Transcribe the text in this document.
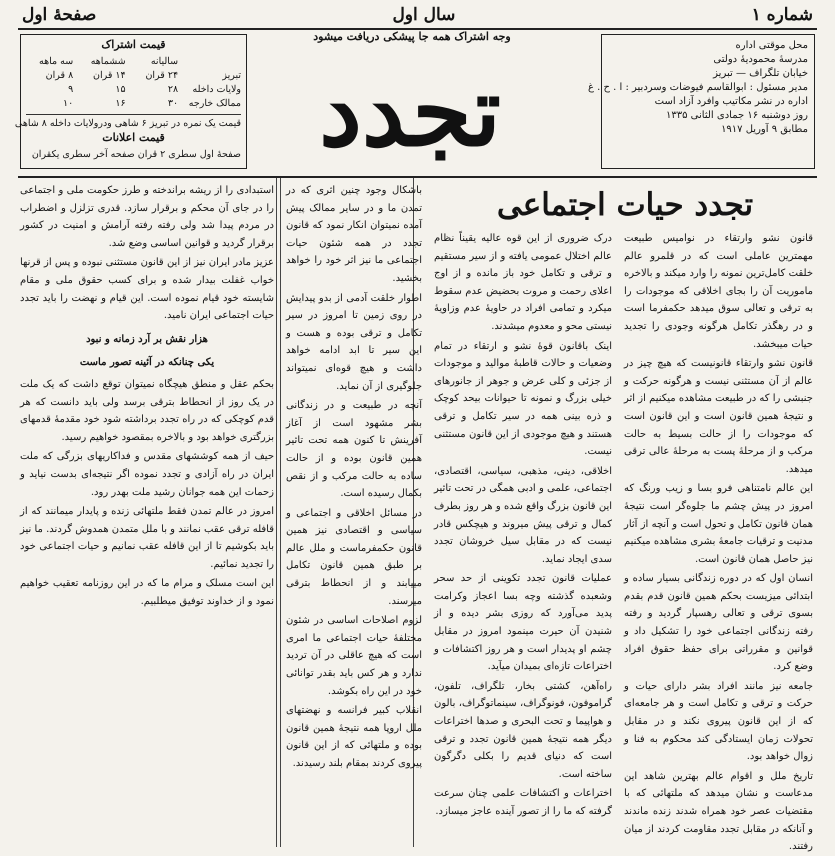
شماره ۱
سال اول
صفحهٔ اول

محل موقتی اداره

مدرسهٔ محمودیهٔ دولتی

خیابان تلگراف — تبریز

مدیر مسئول : ابوالقاسم فیوضات وسردبیر : ا . ح . غ

اداره در نشر مکاتیب وافرد آزاد است

روز دوشنبه ۱۶ جمادی الثانی ۱۳۳۵

مطابق ۹ آوریل ۱۹۱۷

وجه اشتراک همه جا پیشکی دریافت میشود
تجدد

قیمت اشتراک

سالیانه
ششماهه
سه ماهه
تبریز
۲۴ قران
۱۴ قران
۸ قران
ولایات داخله
۲۸
۱۵
۹
ممالک خارجه
۳۰
۱۶
۱۰

قیمت یک نمره در تبریز ۶ شاهی ودرولایات داخله ۸ شاهی

قیمت اعلانات

صفحهٔ اول سطری ۲ قران صفحه آخر سطری یکقران

تجدد حیات اجتماعی

قانون نشو وارتقاء در نوامیس طبیعت مهمترین عاملی است که در قلمرو عالم خلقت کامل‌ترین نمونه را وارد میکند و بالاخره ماموریت آن را بجای اخلاقی که موجودات را به ترقی و تعالی سوق میدهد حکمفرما است و در رهگذر تکامل هرگونه وجودی را تجدید حیات میبخشد.

قانون نشو وارتقاء قانونیست که هیچ چیز در عالم از آن مستثنی نیست و هرگونه حرکت و جنبشی را که در طبیعت مشاهده میکنیم از اثر و نتیجهٔ همین قانون است و این قانون است که موجودات را از حالت بسیط به حالت مرکب و از مرحلهٔ پست به مرحلهٔ عالی ترقی میدهد.

این عالم نامتناهی فرو بسا و زیب ورنگ که امروز در پیش چشم ما جلوه‌گر است نتیجهٔ همان قانون تکامل و تحول است و آنچه از آثار مدنیت و ترقیات جامعهٔ بشری مشاهده میکنیم نیز حاصل همان قانون است.

انسان اول که در دوره زندگانی بسیار ساده و ابتدائی میزیست بحکم همین قانون قدم بقدم بسوی ترقی و تعالی رهسپار گردید و رفته رفته زندگانی اجتماعی خود را تشکیل داد و قوانین و مقرراتی برای حفظ حقوق افراد وضع کرد.

جامعه نیز مانند افراد بشر دارای حیات و حرکت و ترقی و تکامل است و هر جامعه‌ای که از این قانون پیروی نکند و در مقابل تحولات زمان ایستادگی کند محکوم به فنا و زوال خواهد بود.

تاریخ ملل و اقوام عالم بهترین شاهد این مدعاست و نشان میدهد که ملتهائی که با مقتضیات عصر خود همراه شدند زنده ماندند و آنانکه در مقابل تجدد مقاومت کردند از میان رفتند.

درک ضروری از این قوه عالیه یقیناً نظام عالم اختلال عمومی یافته و از سیر مستقیم و ترقی و تکامل خود باز مانده و از اوج اعلای رحمت و مروت بحضیض عدم سقوط میکرد و تمامی افراد در حاویهٔ عدم وزاویهٔ نیستی محو و معدوم میشدند.

اینک باقانون قوهٔ نشو و ارتقاء در تمام وضعیات و حالات قاطبهٔ موالید و موجودات از جزئی و کلی عرض و جوهر از جانورهای خیلی بزرگ و نمونه تا حیوانات بیحد کوچک و ذره بینی همه در سیر تکامل و ترقی هستند و هیچ موجودی از این قانون مستثنی نیست.

اخلاقی، دینی، مذهبی، سیاسی، اقتصادی، اجتماعی، علمی و ادبی همگی در تحت تاثیر این قانون بزرگ واقع شده و هر روز بطرف کمال و ترقی پیش میروند و هیچکس قادر نیست که در مقابل سیل خروشان تجدد سدی ایجاد نماید.

عملیات قانون تجدد تکوینی از حد سحر وشعبده گذشته وچه بسا اعجاز وکرامت پدید می‌آورد که روزی بشر دیده و از شنیدن آن حیرت مینمود امروز در مقابل چشم او پدیدار است و هر روز اکتشافات و اختراعات تازه‌ای بمیدان میآید.

راه‌آهن، کشتی بخار، تلگراف، تلفون، گراموفون، فونوگراف، سینماتوگراف، بالون و هواپیما و تحت البحری و صدها اختراعات دیگر همه نتیجهٔ همین قانون تجدد و ترقی است که دنیای قدیم را بکلی دگرگون ساخته است.

اختراعات و اکتشافات علمی چنان سرعت گرفته که ما را از تصور آینده عاجز میسازد.

باشکال وجود چنین اثری که در تمدن ما و در سایر ممالک پیش آمده نمیتوان انکار نمود که قانون تجدد در همه شئون حیات اجتماعی ما نیز اثر خود را خواهد بخشید.

اطوار خلقت آدمی از بدو پیدایش در روی زمین تا امروز در سیر تکامل و ترقی بوده و هست و این سیر تا ابد ادامه خواهد داشت و هیچ قوه‌ای نمیتواند جلوگیری از آن نماید.

آنچه در طبیعت و در زندگانی بشر مشهود است از آغاز آفرینش تا کنون همه تحت تاثیر همین قانون بوده و از حالت ساده به حالت مرکب و از نقص بکمال رسیده است.

در مسائل اخلاقی و اجتماعی و سیاسی و اقتصادی نیز همین قانون حکمفرماست و ملل عالم بر طبق همین قانون تکامل مییابند و از انحطاط بترقی میرسند.

لزوم اصلاحات اساسی در شئون مختلفهٔ حیات اجتماعی ما امری است که هیچ عاقلی در آن تردید ندارد و هر کس باید بقدر توانائی خود در این راه بکوشد.

انقلاب کبیر فرانسه و نهضتهای ملل اروپا همه نتیجهٔ همین قانون بوده و ملتهائی که از این قانون پیروی کردند بمقام بلند رسیدند.

استبدادی را از ریشه براندخته و طرز حکومت ملی و اجتماعی را در جای آن محکم و برقرار سازد. قدری تزلزل و اضطراب در مردم پیدا شد ولی رفته رفته آرامش و امنیت در کشور برقرار گردید و قوانین اساسی وضع شد.

عزیز مادر ایران نیز از این قانون مستثنی نبوده و پس از قرنها خواب غفلت بیدار شده و برای کسب حقوق ملی و مقام شایسته خود قیام نموده است. این قیام و نهضت را باید تجدد حیات اجتماعی ایران نامید.

هزار نقش بر آرد زمانه و نبود

یکی چنانکه در آئینه تصور ماست

بحکم عقل و منطق هیچگاه نمیتوان توقع داشت که یک ملت در یک روز از انحطاط بترقی برسد ولی باید دانست که هر قدم کوچکی که در راه تجدد برداشته شود خود مقدمهٔ قدمهای بزرگتری خواهد بود و بالاخره بمقصود خواهیم رسید.

حیف از همه کوششهای مقدس و فداکاریهای بزرگی که ملت ایران در راه آزادی و تجدد نموده اگر نتیجه‌ای بدست نیاید و زحمات این همه جوانان رشید ملت بهدر رود.

امروز در عالم تمدن فقط ملتهائی زنده و پایدار میمانند که از قافله ترقی عقب نمانند و با ملل متمدن همدوش گردند. ما نیز باید بکوشیم تا از این قافله عقب نمانیم و حیات اجتماعی خود را تجدید نمائیم.

این است مسلک و مرام ما که در این روزنامه تعقیب خواهیم نمود و از خداوند توفیق میطلبیم.
